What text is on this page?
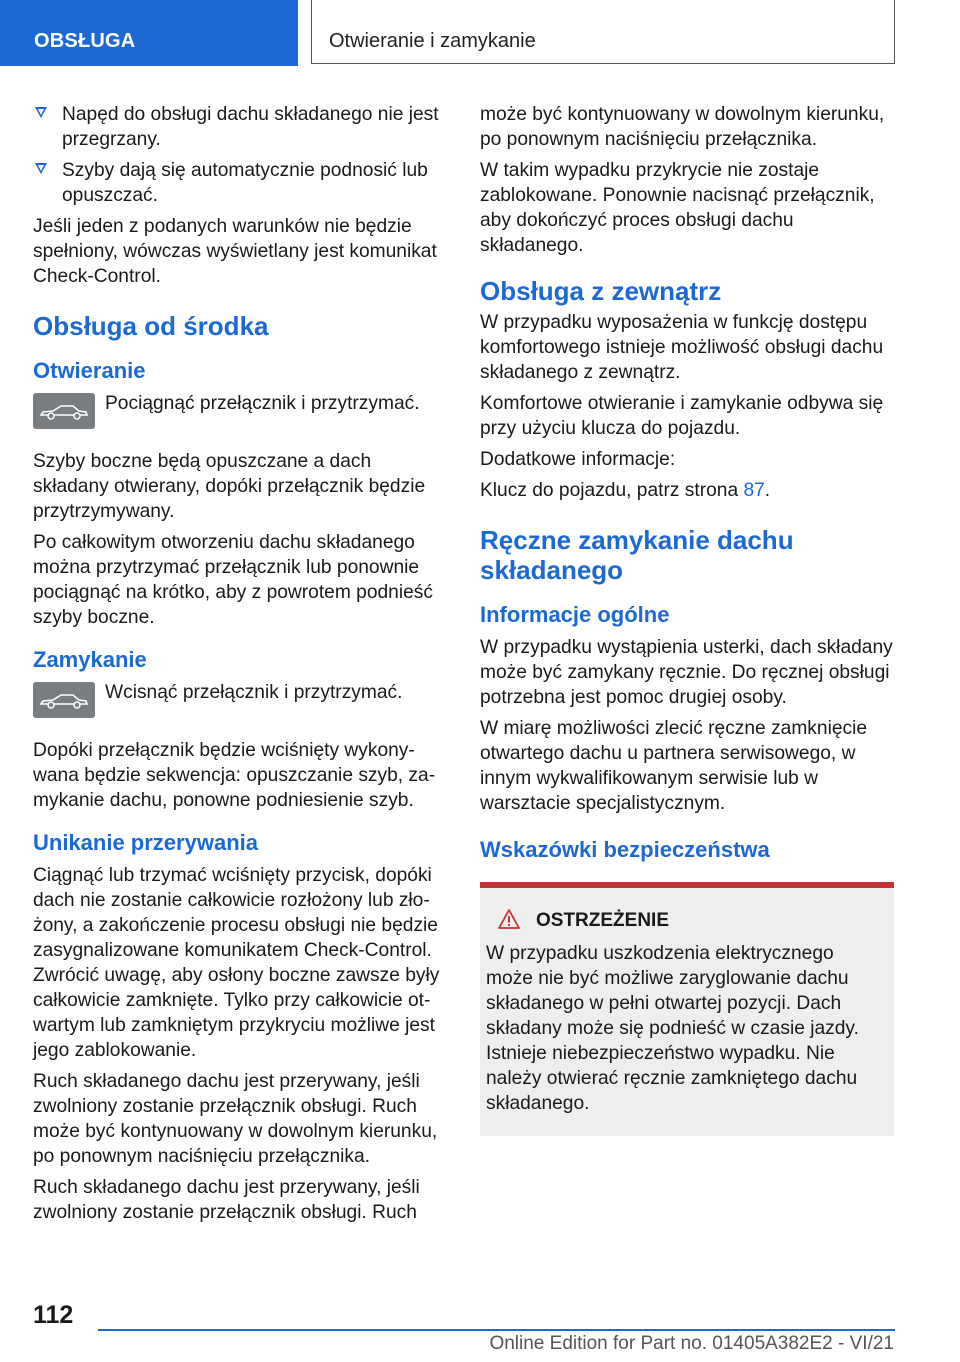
OBSŁUGA	Otwieranie i zamykanie
Napęd do obsługi dachu składanego nie jest przegrzany.
Szyby dają się automatycznie podnosić lub opuszczać.

Jeśli jeden z podanych warunków nie będzie spełniony, wówczas wyświetlany jest komunikat Check-Control.

Obsługa od środka
Otwieranie
Pociągnąć przełącznik i przytrzymać.

Szyby boczne będą opuszczane a dach składany otwierany, dopóki przełącznik będzie przytrzymywany.

Po całkowitym otworzeniu dachu składanego można przytrzymać przełącznik lub ponownie pociągnąć na krótko, aby z powrotem podnieść szyby boczne.

Zamykanie
Wcisnąć przełącznik i przytrzymać.

Dopóki przełącznik będzie wciśnięty wykonywana będzie sekwencja: opuszczanie szyb, zamykanie dachu, ponowne podniesienie szyb.

Unikanie przerywania

Ciągnąć lub trzymać wciśnięty przycisk, dopóki dach nie zostanie całkowicie rozłożony lub złożony, a zakończenie procesu obsługi nie będzie zasygnalizowane komunikatem Check-Control. Zwrócić uwagę, aby osłony boczne zawsze były całkowicie zamknięte. Tylko przy całkowicie otwartym lub zamkniętym przykryciu możliwe jest jego zablokowanie.

Ruch składanego dachu jest przerywany, jeśli zwolniony zostanie przełącznik obsługi. Ruch może być kontynuowany w dowolnym kierunku, po ponownym naciśnięciu przełącznika.

Ruch składanego dachu jest przerywany, jeśli zwolniony zostanie przełącznik obsługi. Ruch

może być kontynuowany w dowolnym kierunku, po ponownym naciśnięciu przełącznika.

W takim wypadku przykrycie nie zostaje zablokowane. Ponownie nacisnąć przełącznik, aby dokończyć proces obsługi dachu składanego.

Obsługa z zewnątrz

W przypadku wyposażenia w funkcję dostępu komfortowego istnieje możliwość obsługi dachu składanego z zewnątrz.

Komfortowe otwieranie i zamykanie odbywa się przy użyciu klucza do pojazdu.

Dodatkowe informacje:

Klucz do pojazdu, patrz strona 87.

Ręczne zamykanie dachu składanego
Informacje ogólne

W przypadku wystąpienia usterki, dach składany może być zamykany ręcznie. Do ręcznej obsługi potrzebna jest pomoc drugiej osoby.

W miarę możliwości zlecić ręczne zamknięcie otwartego dachu u partnera serwisowego, w innym wykwalifikowanym serwisie lub w warsztacie specjalistycznym.

Wskazówki bezpieczeństwa
OSTRZEŻENIE
W przypadku uszkodzenia elektrycznego może nie być możliwe zaryglowanie dachu składanego w pełni otwartej pozycji. Dach składany może się podnieść w czasie jazdy. Istnieje niebezpieczeństwo wypadku. Nie należy otwierać ręcznie zamkniętego dachu składanego.
112
Online Edition for Part no. 01405A382E2 - VI/21
